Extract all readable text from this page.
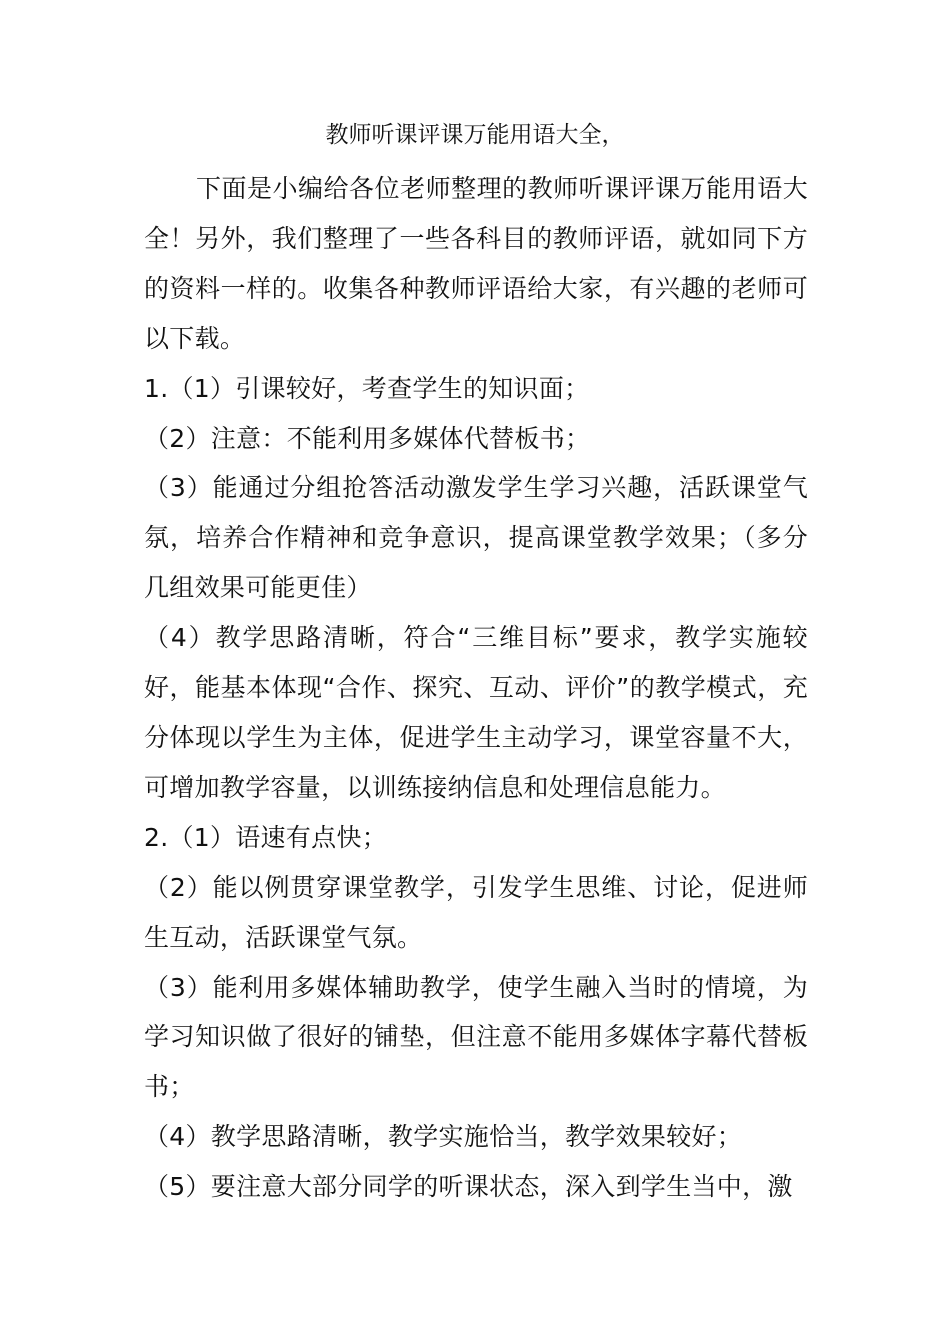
教师听课评课万能用语大全，

下面是小编给各位老师整理的教师听课评课万能用语大全！另外，我们整理了一些各科目的教师评语，就如同下方的资料一样的。收集各种教师评语给大家，有兴趣的老师可以下载。

1.（1）引课较好，考查学生的知识面；

（2）注意：不能利用多媒体代替板书；

（3）能通过分组抢答活动激发学生学习兴趣，活跃课堂气氛，培养合作精神和竞争意识，提高课堂教学效果；（多分几组效果可能更佳）

（4）教学思路清晰，符合“三维目标”要求，教学实施较好，能基本体现“合作、探究、互动、评价”的教学模式，充分体现以学生为主体，促进学生主动学习，课堂容量不大，可增加教学容量，以训练接纳信息和处理信息能力。

2.（1）语速有点快；

（2）能以例贯穿课堂教学，引发学生思维、讨论，促进师生互动，活跃课堂气氛。

（3）能利用多媒体辅助教学，使学生融入当时的情境，为学习知识做了很好的铺垫，但注意不能用多媒体字幕代替板书；

（4）教学思路清晰，教学实施恰当，教学效果较好；

（5）要注意大部分同学的听课状态，深入到学生当中，激
